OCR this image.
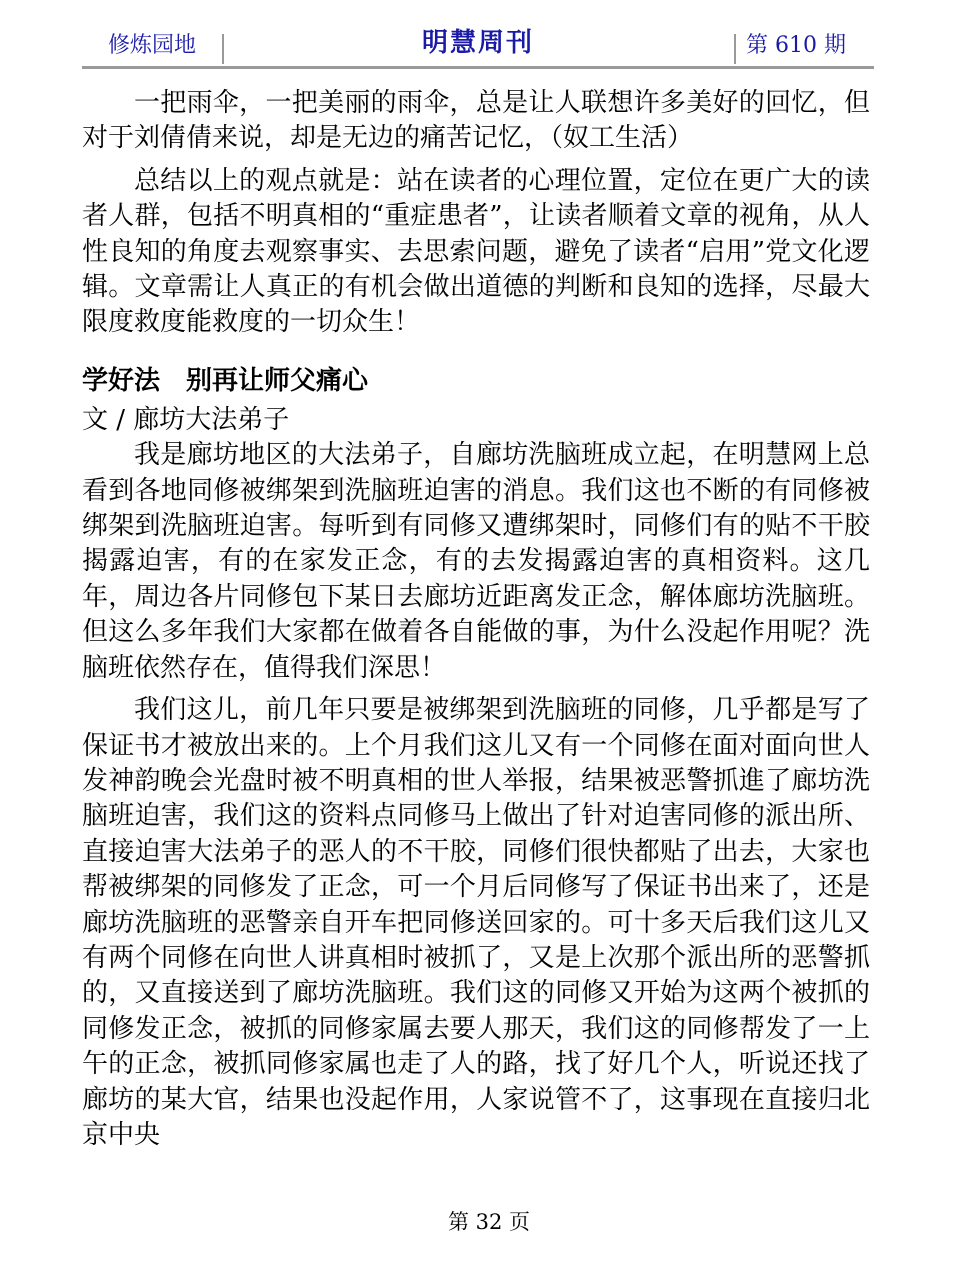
修炼园地	明慧周刊	第 610 期

一把雨伞，一把美丽的雨伞，总是让人联想许多美好的回忆，但对于刘倩倩来说，却是无边的痛苦记忆，（奴工生活）

总结以上的观点就是：站在读者的心理位置，定位在更广大的读者人群，包括不明真相的“重症患者”，让读者顺着文章的视角，从人性良知的角度去观察事实、去思索问题，避免了读者“启用”党文化逻辑。文章需让人真正的有机会做出道德的判断和良知的选择，尽最大限度救度能救度的一切众生！

学好法　别再让师父痛心

文 / 廊坊大法弟子

我是廊坊地区的大法弟子，自廊坊洗脑班成立起，在明慧网上总看到各地同修被绑架到洗脑班迫害的消息。我们这也不断的有同修被绑架到洗脑班迫害。每听到有同修又遭绑架时，同修们有的贴不干胶揭露迫害，有的在家发正念，有的去发揭露迫害的真相资料。这几年，周边各片同修包下某日去廊坊近距离发正念，解体廊坊洗脑班。但这么多年我们大家都在做着各自能做的事，为什么没起作用呢？洗脑班依然存在，值得我们深思！

我们这儿，前几年只要是被绑架到洗脑班的同修，几乎都是写了保证书才被放出来的。上个月我们这儿又有一个同修在面对面向世人发神韵晚会光盘时被不明真相的世人举报，结果被恶警抓進了廊坊洗脑班迫害，我们这的资料点同修马上做出了针对迫害同修的派出所、直接迫害大法弟子的恶人的不干胶，同修们很快都贴了出去，大家也帮被绑架的同修发了正念，可一个月后同修写了保证书出来了，还是廊坊洗脑班的恶警亲自开车把同修送回家的。可十多天后我们这儿又有两个同修在向世人讲真相时被抓了，又是上次那个派出所的恶警抓的，又直接送到了廊坊洗脑班。我们这的同修又开始为这两个被抓的同修发正念，被抓的同修家属去要人那天，我们这的同修帮发了一上午的正念，被抓同修家属也走了人的路，找了好几个人，听说还找了廊坊的某大官，结果也没起作用，人家说管不了，这事现在直接归北京中央

第 32 页
